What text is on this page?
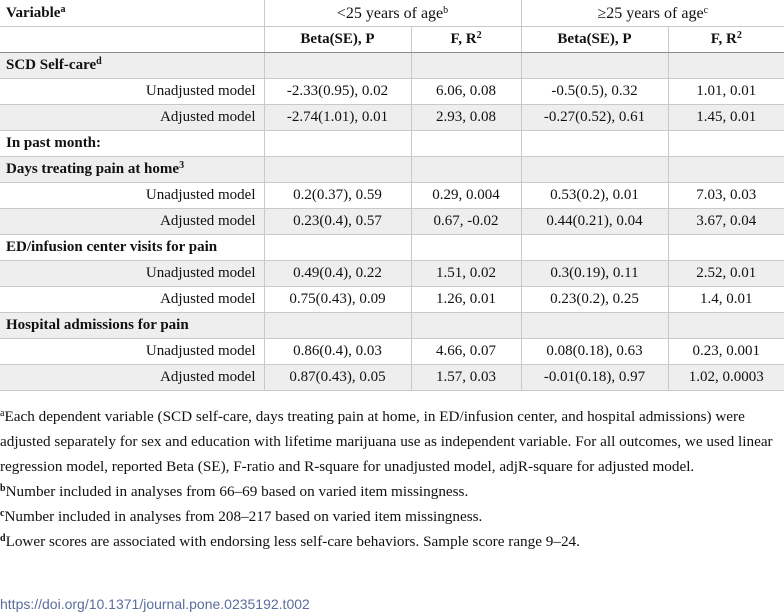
Variable$^a$	<25 years of age$^b$		≥25 years of age$^c$
	Beta(SE), P	F, $R^2$	Beta(SE), P	F, $R^2$
SCD Self-care$^d$				
Unadjusted model	-2.33(0.95), 0.02	6.06, 0.08	-0.5(0.5), 0.32	1.01, 0.01
Adjusted model	-2.74(1.01), 0.01	2.93, 0.08	-0.27(0.52), 0.61	1.45, 0.01
In past month:				
Days treating pain at home$^3$				
Unadjusted model	0.2(0.37), 0.59	0.29, 0.004	0.53(0.2), 0.01	7.03, 0.03
Adjusted model	0.23(0.4), 0.57	0.67, -0.02	0.44(0.21), 0.04	3.67, 0.04
ED/infusion center visits for pain				
Unadjusted model	0.49(0.4), 0.22	1.51, 0.02	0.3(0.19), 0.11	2.52, 0.01
Adjusted model	0.75(0.43), 0.09	1.26, 0.01	0.23(0.2), 0.25	1.4, 0.01
Hospital admissions for pain				
Unadjusted model	0.86(0.4), 0.03	4.66, 0.07	0.08(0.18), 0.63	0.23, 0.001
Adjusted model	0.87(0.43), 0.05	1.57, 0.03	-0.01(0.18), 0.97	1.02, 0.0003

$^a$Each dependent variable (SCD self-care, days treating pain at home, in ED/infusion center, and hospital admissions) were adjusted separately for sex and education with lifetime marijuana use as independent variable. For all outcomes, we used linear regression model, reported Beta (SE), F-ratio and R-square for unadjusted model, adjR-square for adjusted model.

$^b$Number included in analyses from 66–69 based on varied item missingness.

$^c$Number included in analyses from 208–217 based on varied item missingness.

$^d$Lower scores are associated with endorsing less self-care behaviors. Sample score range 9–24.

https://doi.org/10.1371/journal.pone.0235192.t002
